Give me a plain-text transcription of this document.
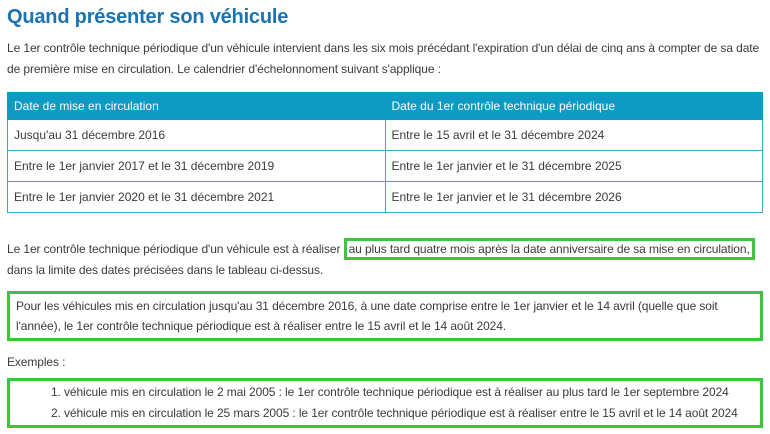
Quand présenter son véhicule

Le 1er contrôle technique périodique d'un véhicule intervient dans les six mois précédant l'expiration d'un délai de cinq ans à compter de sa date de première mise en circulation. Le calendrier d'échelonnoment suivant s'applique :

Date de mise en circulation	Date du 1er contrôle technique périodique
Jusqu'au 31 décembre 2016	Entre le 15 avril et le 31 décembre 2024
Entre le 1er janvier 2017 et le 31 décembre 2019	Entre le 1er janvier et le 31 décembre 2025
Entre le 1er janvier 2020 et le 31 décembre 2021	Entre le 1er janvier et le 31 décembre 2026

Le 1er contrôle technique périodique d'un véhicule est à réaliser au plus tard quatre mois après la date anniversaire de sa mise en circulation, dans la limite des dates précisées dans le tableau ci-dessus.

Pour les véhicules mis en circulation jusqu'au 31 décembre 2016, à une date comprise entre le 1er janvier et le 14 avril (quelle que soit l'année), le 1er contrôle technique périodique est à réaliser entre le 15 avril et le 14 août 2024.

Exemples :

1. véhicule mis en circulation le 2 mai 2005 : le 1er contrôle technique périodique est à réaliser au plus tard le 1er septembre 2024
2. véhicule mis en circulation le 25 mars 2005 : le 1er contrôle technique périodique est à réaliser entre le 15 avril et le 14 août 2024
